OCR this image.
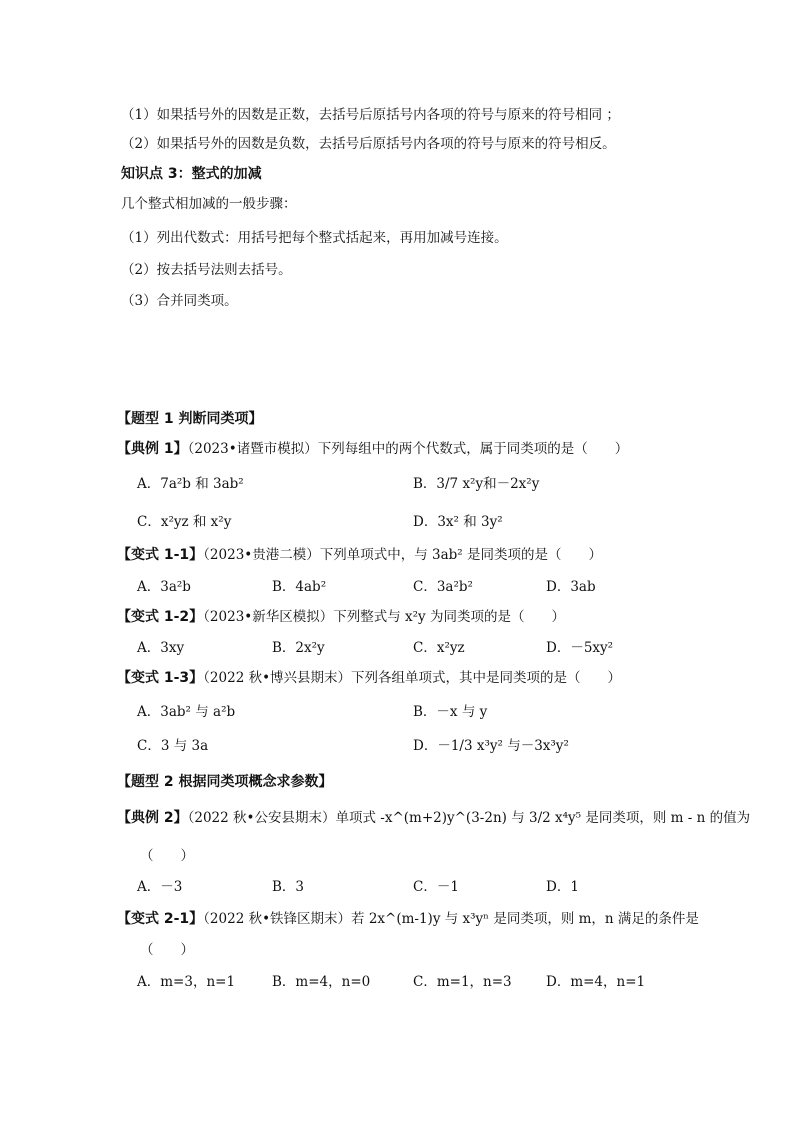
（1）如果括号外的因数是正数，去括号后原括号内各项的符号与原来的符号相同 ；
（2）如果括号外的因数是负数，去括号后原括号内各项的符号与原来的符号相反。
知识点 3：整式的加减
几个整式相加减的一般步骤：
（1）列出代数式：用括号把每个整式括起来，再用加减号连接。
（2）按去括号法则去括号。
（3）合并同类项。
【题型 1 判断同类项】
【典例 1】（2023•诸暨市模拟）下列每组中的两个代数式，属于同类项的是（　　）
A．7a²b 和 3ab²	B．3/7 x²y和－2x²y
C．x²yz 和 x²y	D．3x² 和 3y²
【变式 1-1】（2023•贵港二模）下列单项式中，与 3ab² 是同类项的是（　　）
A．3a²b	B．4ab²	C．3a²b²	D．3ab
【变式 1-2】（2023•新华区模拟）下列整式与 x²y 为同类项的是（　　）
A．3xy	B．2x²y	C．x²yz	D．－5xy²
【变式 1-3】（2022 秋•博兴县期末）下列各组单项式，其中是同类项的是（　　）
A．3ab² 与 a²b	B．－x 与 y
C．3 与 3a	D．－1/3 x³y² 与－3x³y²
【题型 2 根据同类项概念求参数】
【典例 2】（2022 秋•公安县期末）单项式 -x^(m+2)y^(3-2n) 与 3/2 x⁴y⁵ 是同类项，则 m - n 的值为
（　　）
A．－3	B．3	C．－1	D．1
【变式 2-1】（2022 秋•铁锋区期末）若 2x^(m-1)y 与 x³yⁿ 是同类项，则 m，n 满足的条件是
（　　）
A．m=3，n=1	B．m=4，n=0	C．m=1，n=3	D．m=4，n=1
